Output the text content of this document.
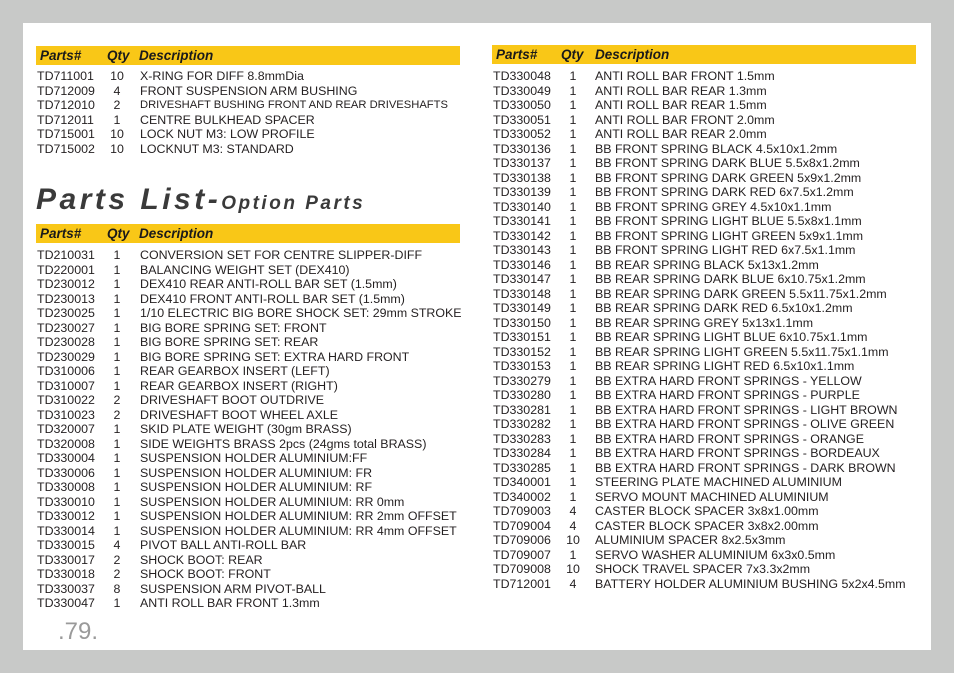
Parts# Qty Description
TD711001 10 X-RING FOR DIFF 8.8mmDia
TD712009	4	FRONT SUSPENSION ARM BUSHING
TD712010	2	DRIVESHAFT BUSHING FRONT AND REAR DRIVESHAFTS
TD712011	1	CENTRE BULKHEAD SPACER
TD715001 10 LOCK NUT M3: LOW PROFILE
TD715002 10 LOCKNUT M3: STANDARD
Parts List-Option Parts
Parts# Qty Description
TD210031	1	CONVERSION SET FOR CENTRE SLIPPER-DIFF
TD220001	1	BALANCING WEIGHT SET (DEX410)
TD230012	1	DEX410 REAR ANTI-ROLL BAR SET (1.5mm)
TD230013	1	DEX410 FRONT ANTI-ROLL BAR SET (1.5mm)
TD230025	1	1/10 ELECTRIC BIG BORE SHOCK SET: 29mm STROKE
TD230027	1	BIG BORE SPRING SET: FRONT
TD230028	1	BIG BORE SPRING SET: REAR
TD230029	1	BIG BORE SPRING SET: EXTRA HARD FRONT
TD310006	1	REAR GEARBOX INSERT (LEFT)
TD310007	1	REAR GEARBOX INSERT (RIGHT)
TD310022	2	DRIVESHAFT BOOT OUTDRIVE
TD310023	2	DRIVESHAFT BOOT WHEEL AXLE
TD320007	1	SKID PLATE WEIGHT (30gm BRASS)
TD320008	1	SIDE WEIGHTS BRASS 2pcs (24gms total BRASS)
TD330004	1	SUSPENSION HOLDER ALUMINIUM:FF
TD330006	1	SUSPENSION HOLDER ALUMINIUM: FR
TD330008	1	SUSPENSION HOLDER ALUMINIUM: RF
TD330010	1	SUSPENSION HOLDER ALUMINIUM: RR 0mm
TD330012	1	SUSPENSION HOLDER ALUMINIUM: RR 2mm OFFSET
TD330014	1	SUSPENSION HOLDER ALUMINIUM: RR 4mm OFFSET
TD330015	4	PIVOT BALL ANTI-ROLL BAR
TD330017	2	SHOCK BOOT: REAR
TD330018	2	SHOCK BOOT: FRONT
TD330037	8	SUSPENSION ARM PIVOT-BALL
TD330047	1	ANTI ROLL BAR FRONT 1.3mm
Parts# Qty Description
TD330048	1	ANTI ROLL BAR FRONT 1.5mm
TD330049	1	ANTI ROLL BAR REAR 1.3mm
TD330050	1	ANTI ROLL BAR REAR 1.5mm
TD330051	1	ANTI ROLL BAR FRONT 2.0mm
TD330052	1	ANTI ROLL BAR REAR 2.0mm
TD330136	1	BB FRONT SPRING BLACK 4.5x10x1.2mm
TD330137	1	BB FRONT SPRING DARK BLUE 5.5x8x1.2mm
TD330138	1	BB FRONT SPRING DARK GREEN 5x9x1.2mm
TD330139	1	BB FRONT SPRING DARK RED 6x7.5x1.2mm
TD330140	1	BB FRONT SPRING GREY 4.5x10x1.1mm
TD330141	1	BB FRONT SPRING LIGHT BLUE 5.5x8x1.1mm
TD330142	1	BB FRONT SPRING LIGHT GREEN 5x9x1.1mm
TD330143	1	BB FRONT SPRING LIGHT RED 6x7.5x1.1mm
TD330146	1	BB REAR SPRING BLACK 5x13x1.2mm
TD330147	1	BB REAR SPRING DARK BLUE 6x10.75x1.2mm
TD330148	1	BB REAR SPRING DARK GREEN 5.5x11.75x1.2mm
TD330149	1	BB REAR SPRING DARK RED 6.5x10x1.2mm
TD330150	1	BB REAR SPRING GREY 5x13x1.1mm
TD330151	1	BB REAR SPRING LIGHT BLUE 6x10.75x1.1mm
TD330152	1	BB REAR SPRING LIGHT GREEN 5.5x11.75x1.1mm
TD330153	1	BB REAR SPRING LIGHT RED 6.5x10x1.1mm
TD330279	1	BB EXTRA HARD FRONT SPRINGS - YELLOW
TD330280	1	BB EXTRA HARD FRONT SPRINGS - PURPLE
TD330281	1	BB EXTRA HARD FRONT SPRINGS - LIGHT BROWN
TD330282	1	BB EXTRA HARD FRONT SPRINGS - OLIVE GREEN
TD330283	1	BB EXTRA HARD FRONT SPRINGS - ORANGE
TD330284	1	BB EXTRA HARD FRONT SPRINGS - BORDEAUX
TD330285	1	BB EXTRA HARD FRONT SPRINGS - DARK BROWN
TD340001	1	STEERING PLATE MACHINED ALUMINIUM
TD340002	1	SERVO MOUNT MACHINED ALUMINIUM
TD709003	4	CASTER BLOCK SPACER 3x8x1.00mm
TD709004	4	CASTER BLOCK SPACER 3x8x2.00mm
TD709006 10 ALUMINIUM SPACER 8x2.5x3mm
TD709007	1	SERVO WASHER ALUMINIUM 6x3x0.5mm
TD709008 10 SHOCK TRAVEL SPACER 7x3.3x2mm
TD712001	4	BATTERY HOLDER ALUMINIUM BUSHING 5x2x4.5mm
.79.
